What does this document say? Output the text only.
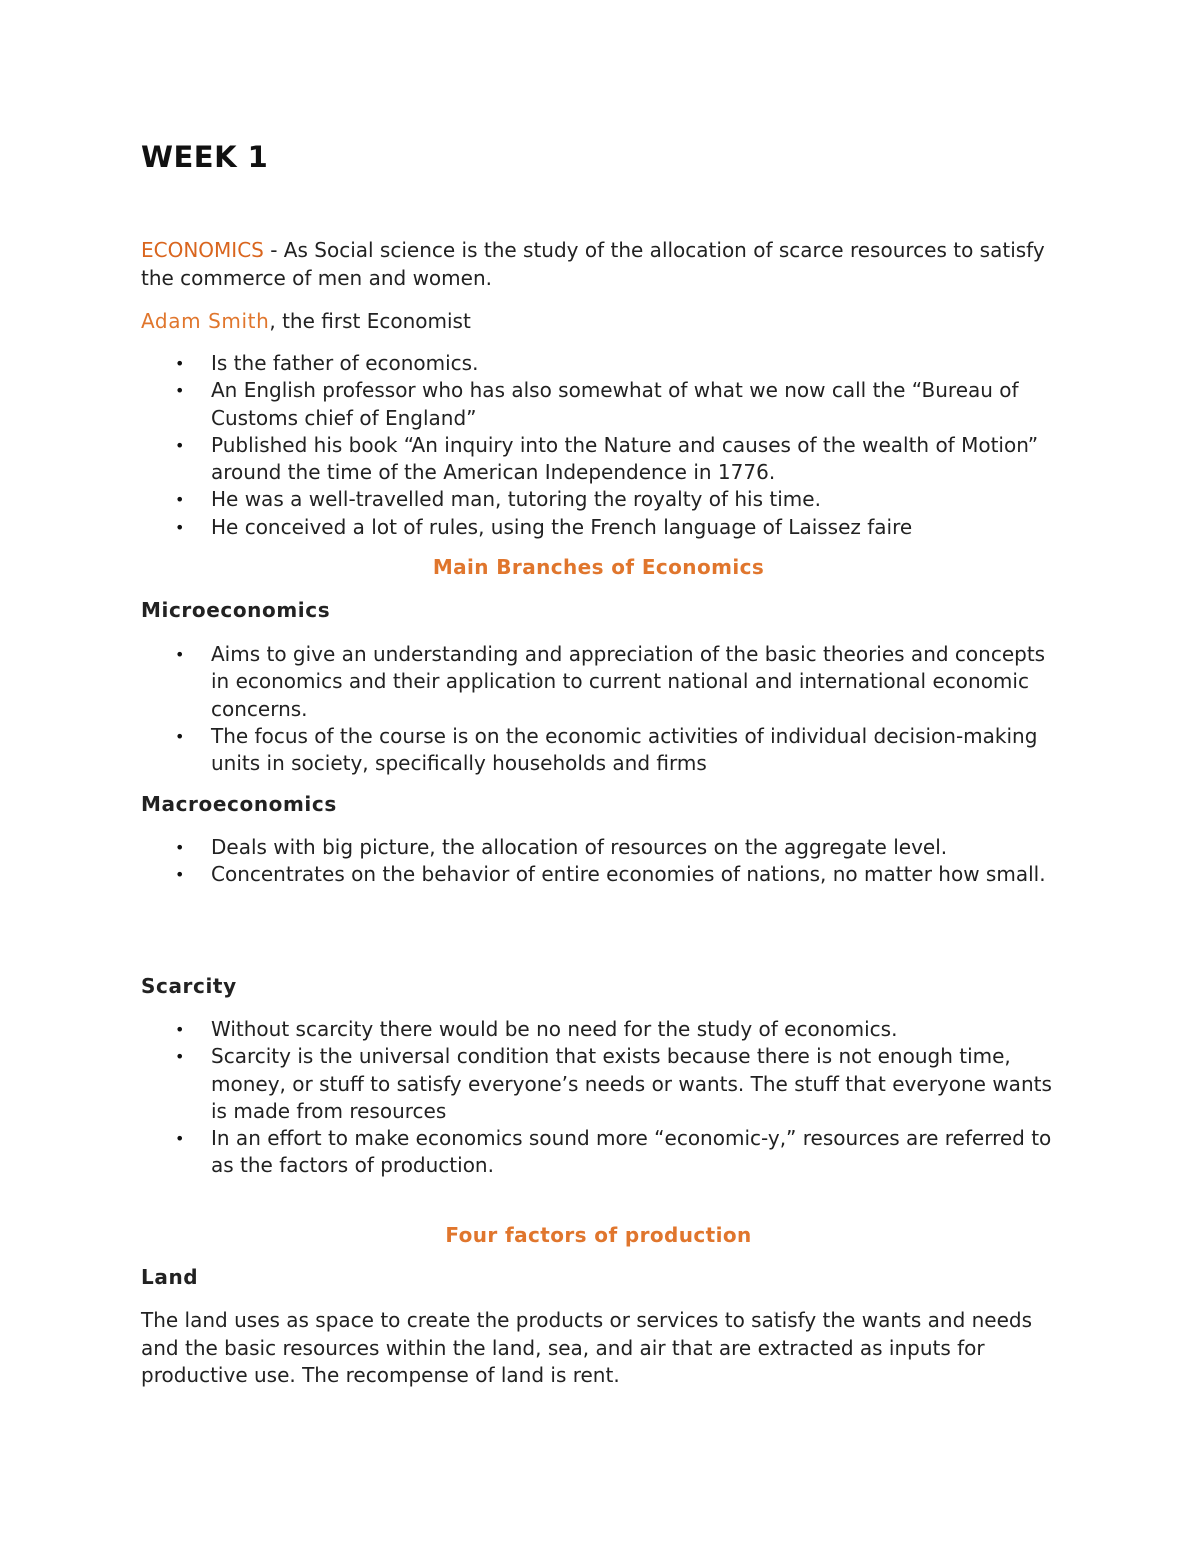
WEEK 1

ECONOMICS - As Social science is the study of the allocation of scarce resources to satisfy the commerce of men and women.

Adam Smith, the first Economist

• Is the father of economics.
• An English professor who has also somewhat of what we now call the “Bureau of Customs chief of England”
• Published his book “An inquiry into the Nature and causes of the wealth of Motion” around the time of the American Independence in 1776.
• He was a well-travelled man, tutoring the royalty of his time.
• He conceived a lot of rules, using the French language of Laissez faire
Main Branches of Economics
Microeconomics
• Aims to give an understanding and appreciation of the basic theories and concepts in economics and their application to current national and international economic concerns.
• The focus of the course is on the economic activities of individual decision-making units in society, specifically households and firms
Macroeconomics
• Deals with big picture, the allocation of resources on the aggregate level.
• Concentrates on the behavior of entire economies of nations, no matter how small.
Scarcity
• Without scarcity there would be no need for the study of economics.
• Scarcity is the universal condition that exists because there is not enough time, money, or stuff to satisfy everyone’s needs or wants. The stuff that everyone wants is made from resources
• In an effort to make economics sound more “economic-y,” resources are referred to as the factors of production.
Four factors of production
Land

The land uses as space to create the products or services to satisfy the wants and needs and the basic resources within the land, sea, and air that are extracted as inputs for productive use. The recompense of land is rent.
